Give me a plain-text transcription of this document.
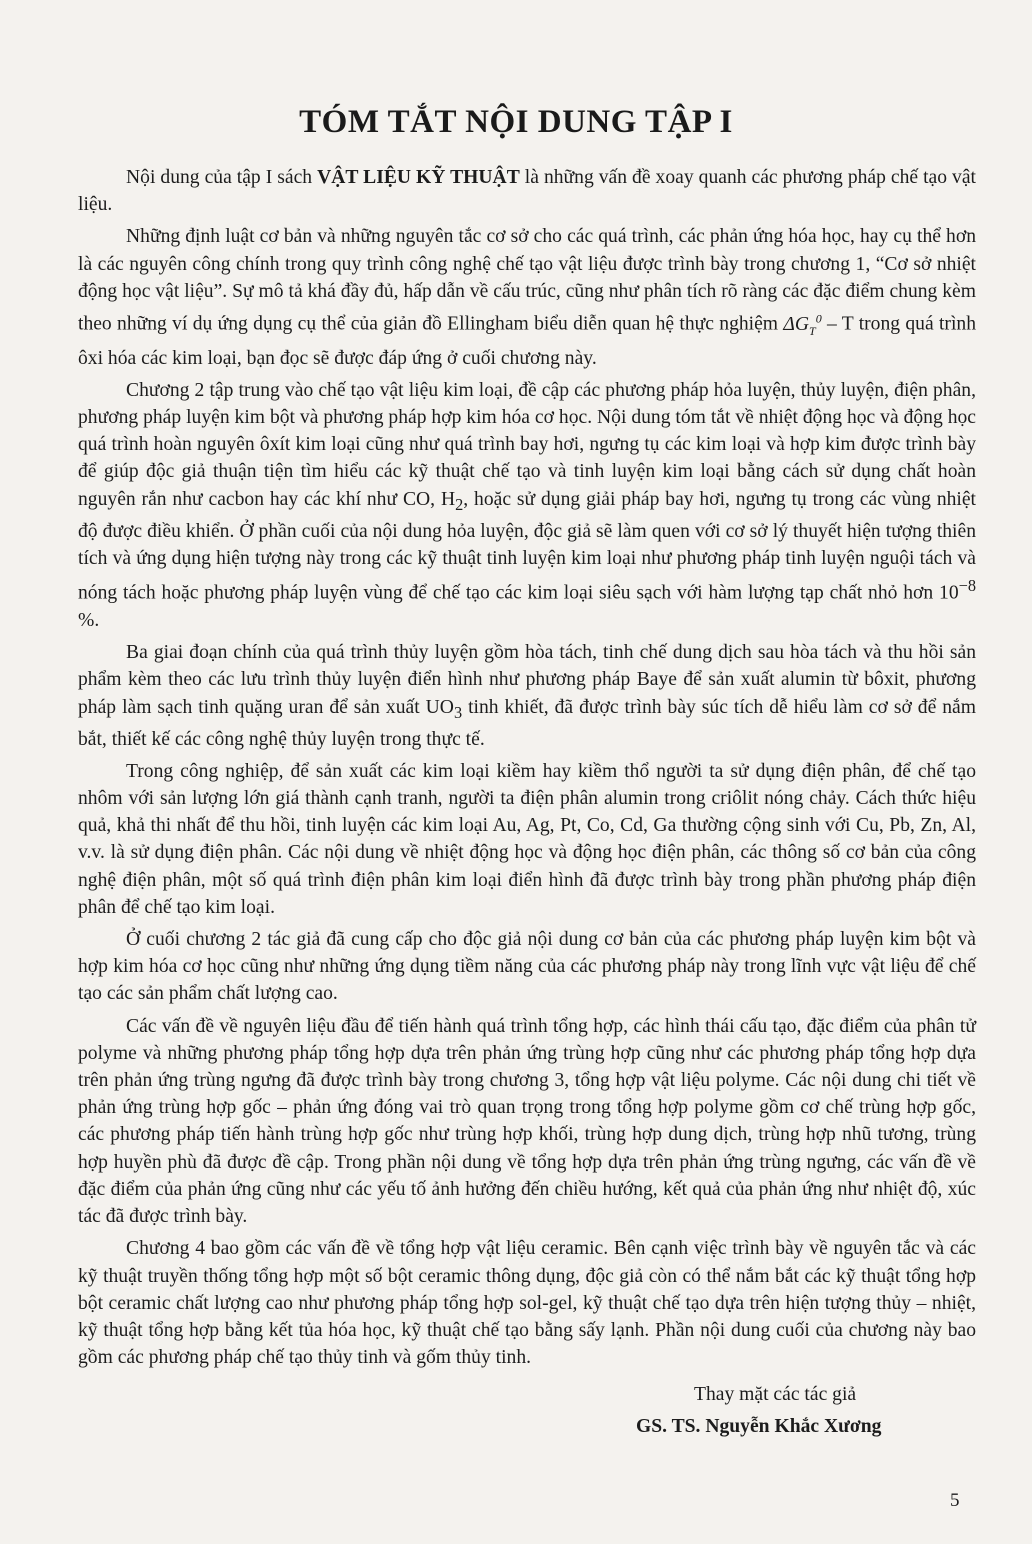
TÓM TẮT NỘI DUNG TẬP I

Nội dung của tập I sách VẬT LIỆU KỸ THUẬT là những vấn đề xoay quanh các phương pháp chế tạo vật liệu.

Những định luật cơ bản và những nguyên tắc cơ sở cho các quá trình, các phản ứng hóa học, hay cụ thể hơn là các nguyên công chính trong quy trình công nghệ chế tạo vật liệu được trình bày trong chương 1, “Cơ sở nhiệt động học vật liệu”. Sự mô tả khá đầy đủ, hấp dẫn về cấu trúc, cũng như phân tích rõ ràng các đặc điểm chung kèm theo những ví dụ ứng dụng cụ thể của giản đồ Ellingham biểu diễn quan hệ thực nghiệm $\Delta G_T^0$ – T trong quá trình ôxi hóa các kim loại, bạn đọc sẽ được đáp ứng ở cuối chương này.

Chương 2 tập trung vào chế tạo vật liệu kim loại, đề cập các phương pháp hỏa luyện, thủy luyện, điện phân, phương pháp luyện kim bột và phương pháp hợp kim hóa cơ học. Nội dung tóm tắt về nhiệt động học và động học quá trình hoàn nguyên ôxít kim loại cũng như quá trình bay hơi, ngưng tụ các kim loại và hợp kim được trình bày để giúp độc giả thuận tiện tìm hiểu các kỹ thuật chế tạo và tinh luyện kim loại bằng cách sử dụng chất hoàn nguyên rắn như cacbon hay các khí như CO, $H_2$, hoặc sử dụng giải pháp bay hơi, ngưng tụ trong các vùng nhiệt độ được điều khiển. Ở phần cuối của nội dung hỏa luyện, độc giả sẽ làm quen với cơ sở lý thuyết hiện tượng thiên tích và ứng dụng hiện tượng này trong các kỹ thuật tinh luyện kim loại như phương pháp tinh luyện nguội tách và nóng tách hoặc phương pháp luyện vùng để chế tạo các kim loại siêu sạch với hàm lượng tạp chất nhỏ hơn $10^{-8}$ %.

Ba giai đoạn chính của quá trình thủy luyện gồm hòa tách, tinh chế dung dịch sau hòa tách và thu hồi sản phẩm kèm theo các lưu trình thủy luyện điển hình như phương pháp Baye để sản xuất alumin từ bôxit, phương pháp làm sạch tinh quặng uran để sản xuất $UO_3$ tinh khiết, đã được trình bày súc tích dễ hiểu làm cơ sở để nắm bắt, thiết kế các công nghệ thủy luyện trong thực tế.

Trong công nghiệp, để sản xuất các kim loại kiềm hay kiềm thổ người ta sử dụng điện phân, để chế tạo nhôm với sản lượng lớn giá thành cạnh tranh, người ta điện phân alumin trong criôlit nóng chảy. Cách thức hiệu quả, khả thi nhất để thu hồi, tinh luyện các kim loại Au, Ag, Pt, Co, Cd, Ga thường cộng sinh với Cu, Pb, Zn, Al, v.v. là sử dụng điện phân. Các nội dung về nhiệt động học và động học điện phân, các thông số cơ bản của công nghệ điện phân, một số quá trình điện phân kim loại điển hình đã được trình bày trong phần phương pháp điện phân để chế tạo kim loại.

Ở cuối chương 2 tác giả đã cung cấp cho độc giả nội dung cơ bản của các phương pháp luyện kim bột và hợp kim hóa cơ học cũng như những ứng dụng tiềm năng của các phương pháp này trong lĩnh vực vật liệu để chế tạo các sản phẩm chất lượng cao.

Các vấn đề về nguyên liệu đầu để tiến hành quá trình tổng hợp, các hình thái cấu tạo, đặc điểm của phân tử polyme và những phương pháp tổng hợp dựa trên phản ứng trùng hợp cũng như các phương pháp tổng hợp dựa trên phản ứng trùng ngưng đã được trình bày trong chương 3, tổng hợp vật liệu polyme. Các nội dung chi tiết về phản ứng trùng hợp gốc – phản ứng đóng vai trò quan trọng trong tổng hợp polyme gồm cơ chế trùng hợp gốc, các phương pháp tiến hành trùng hợp gốc như trùng hợp khối, trùng hợp dung dịch, trùng hợp nhũ tương, trùng hợp huyền phù đã được đề cập. Trong phần nội dung về tổng hợp dựa trên phản ứng trùng ngưng, các vấn đề về đặc điểm của phản ứng cũng như các yếu tố ảnh hưởng đến chiều hướng, kết quả của phản ứng như nhiệt độ, xúc tác đã được trình bày.

Chương 4 bao gồm các vấn đề về tổng hợp vật liệu ceramic. Bên cạnh việc trình bày về nguyên tắc và các kỹ thuật truyền thống tổng hợp một số bột ceramic thông dụng, độc giả còn có thể nắm bắt các kỹ thuật tổng hợp bột ceramic chất lượng cao như phương pháp tổng hợp sol-gel, kỹ thuật chế tạo dựa trên hiện tượng thủy – nhiệt, kỹ thuật tổng hợp bằng kết tủa hóa học, kỹ thuật chế tạo bằng sấy lạnh. Phần nội dung cuối của chương này bao gồm các phương pháp chế tạo thủy tinh và gốm thủy tinh.

Thay mặt các tác giả
GS. TS. Nguyễn Khắc Xương
5
